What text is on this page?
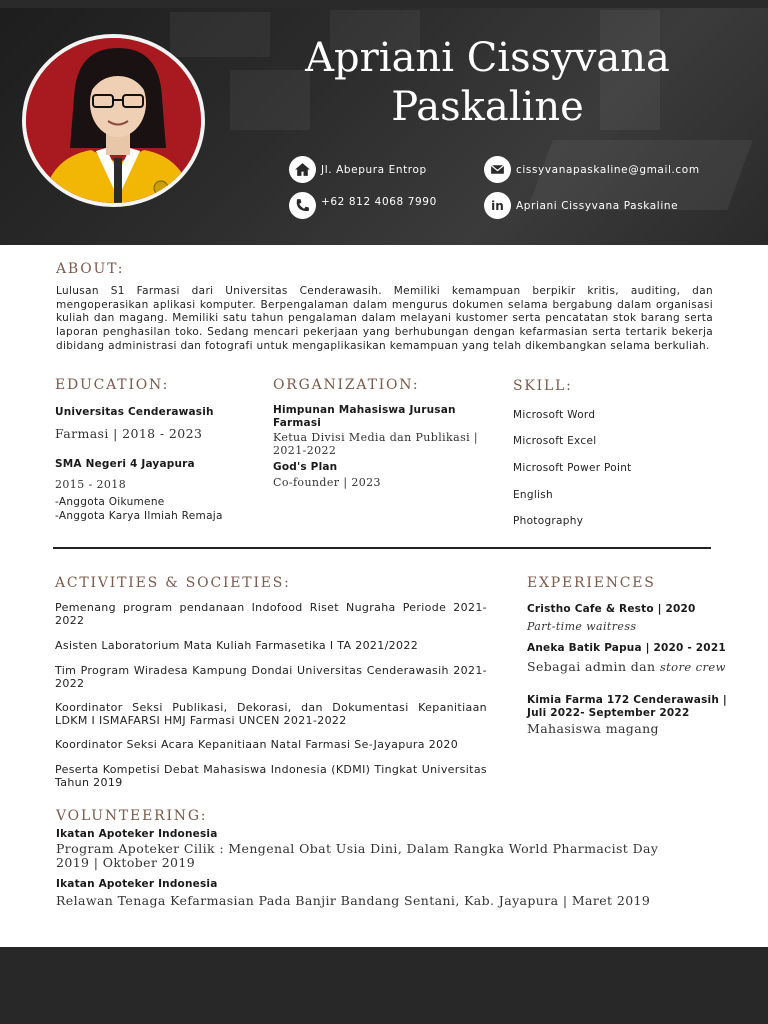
Apriani Cissyvana
Paskaline
Jl. Abepura Entrop	cissyvanapaskaline@gmail.com
+62 812 4068 7990	in Apriani Cissyvana Paskaline
ABOUT:
Lulusan S1 Farmasi dari Universitas Cenderawasih. Memiliki kemampuan berpikir kritis, auditing, dan mengoperasikan aplikasi komputer. Berpengalaman dalam mengurus dokumen selama bergabung dalam organisasi kuliah dan magang. Memiliki satu tahun pengalaman dalam melayani kustomer serta pencatatan stok barang serta laporan penghasilan toko. Sedang mencari pekerjaan yang berhubungan dengan kefarmasian serta tertarik bekerja dibidang administrasi dan fotografi untuk mengaplikasikan kemampuan yang telah dikembangkan selama berkuliah.
EDUCATION:
Universitas Cenderawasih
Farmasi | 2018 - 2023
SMA Negeri 4 Jayapura
2015 - 2018
-Anggota Oikumene
-Anggota Karya Ilmiah Remaja
ORGANIZATION:
Himpunan Mahasiswa Jurusan Farmasi
Ketua Divisi Media dan Publikasi | 2021-2022
God's Plan
Co-founder | 2023
SKILL:
Microsoft Word
Microsoft Excel
Microsoft Power Point
English
Photography
ACTIVITIES & SOCIETIES:
Pemenang program pendanaan Indofood Riset Nugraha Periode 2021-2022
Asisten Laboratorium Mata Kuliah Farmasetika I TA 2021/2022
Tim Program Wiradesa Kampung Dondai Universitas Cenderawasih 2021-2022
Koordinator Seksi Publikasi, Dekorasi, dan Dokumentasi Kepanitiaan LDKM I ISMAFARSI HMJ Farmasi UNCEN 2021-2022
Koordinator Seksi Acara Kepanitiaan Natal Farmasi Se-Jayapura 2020
Peserta Kompetisi Debat Mahasiswa Indonesia (KDMI) Tingkat Universitas Tahun 2019
EXPERIENCES
Cristho Cafe & Resto | 2020
Part-time waitress
Aneka Batik Papua | 2020 - 2021
Sebagai admin dan store crew
Kimia Farma 172 Cenderawasih | Juli 2022- September 2022
Mahasiswa magang
VOLUNTEERING:
Ikatan Apoteker Indonesia
Program Apoteker Cilik : Mengenal Obat Usia Dini, Dalam Rangka World Pharmacist Day 2019 | Oktober 2019
Ikatan Apoteker Indonesia
Relawan Tenaga Kefarmasian Pada Banjir Bandang Sentani, Kab. Jayapura | Maret 2019
